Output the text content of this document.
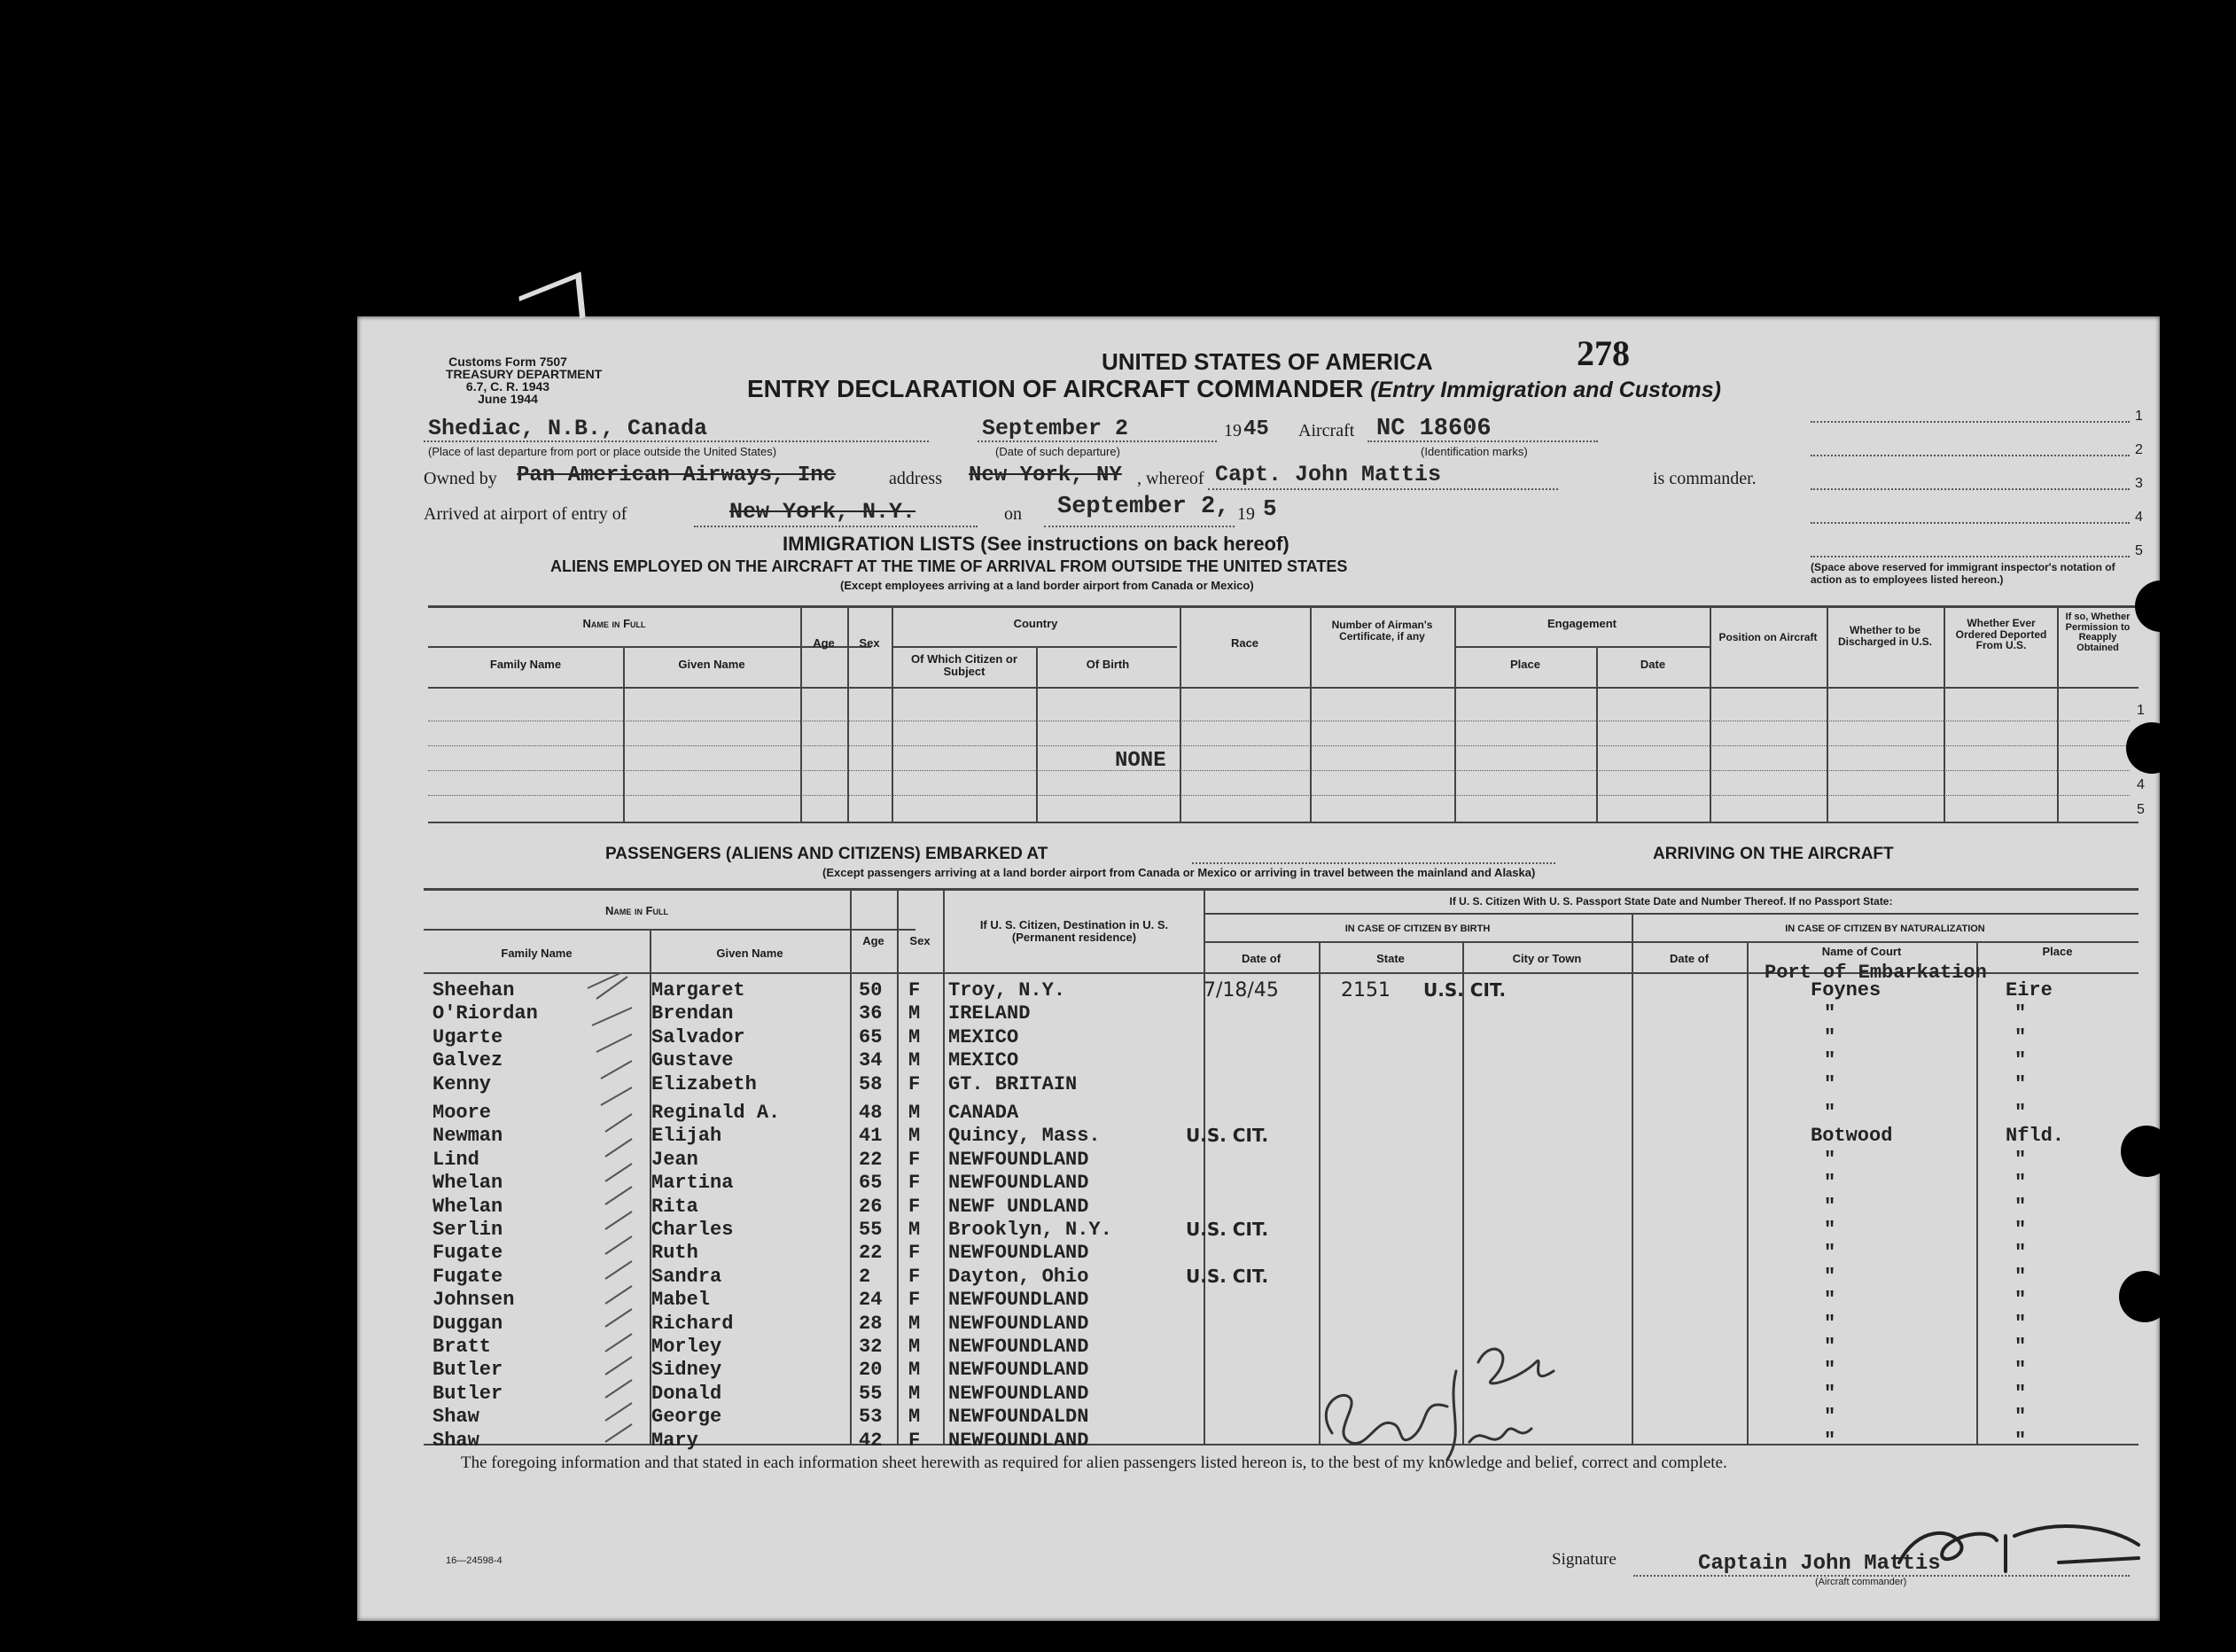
Customs Form 7507
TREASURY DEPARTMENT
6.7, C. R. 1943
June 1944
UNITED STATES OF AMERICA	278
ENTRY DECLARATION OF AIRCRAFT COMMANDER (Entry Immigration and Customs)
Shediac, N.B., Canada
(Place of last departure from port or place outside the United States)
September 2
(Date of such departure)
19 45 Aircraft NC 18606
(Identification marks)
Owned by Pan American Airways, Inc	address New York, NY , whereof Capt. John Mattis	is commander.
Arrived at airport of entry of	New York, N.Y.	on September 2, 19 5
1
2
3
4
5
(Space above reserved for immigrant inspector's notation of action as to employees listed hereon.)
IMMIGRATION LISTS (See instructions on back hereof)
ALIENS EMPLOYED ON THE AIRCRAFT AT THE TIME OF ARRIVAL FROM OUTSIDE THE UNITED STATES
(Except employees arriving at a land border airport from Canada or Mexico)
Name in Full
Family Name	Given Name
Age	Sex
Country
Of Which Citizen or Subject
Of Birth
Race
Number of Airman's Certificate, if any
Engagement
Place	Date
Position on Aircraft
Whether to be Discharged in U.S.
Whether Ever Ordered Deported From U.S.
If so, Whether Permission to Reapply Obtained
1
4
5
NONE
PASSENGERS (ALIENS AND CITIZENS) EMBARKED AT	ARRIVING ON THE AIRCRAFT
(Except passengers arriving at a land border airport from Canada or Mexico or arriving in travel between the mainland and Alaska)
Name in Full
Family Name	Given Name
Age	Sex
If U. S. Citizen, Destination in U. S. (Permanent residence)
If U. S. Citizen With U. S. Passport State Date and Number Thereof. If no Passport State:
IN CASE OF CITIZEN BY BIRTH	IN CASE OF CITIZEN BY NATURALIZATION
Date of	State	City or Town	Date of
Name of Court	Place
Port of Embarkation
Sheehan	Margaret	50 F Troy, N.Y.	7/18/45	2151 U.S. CIT.	Foynes	Eire
O'Riordan	Brendan	36 M IRELAND	"	"
Ugarte	Salvador	65 M MEXICO	"	"
Galvez	Gustave	34 M MEXICO	"	"
Kenny	Elizabeth	58 F GT. BRITAIN	"	"
Moore	Reginald A.	48 M CANADA	"	"
Newman	Elijah	41 M Quincy, Mass.	U.S. CIT.	Botwood	Nfld.
Lind	Jean	22 F NEWFOUNDLAND	"	"
Whelan	Martina	65 F NEWFOUNDLAND	"	"
Whelan	Rita	26 F NEWF UNDLAND	"	"
Serlin	Charles	55 M Brooklyn, N.Y.	U.S. CIT.	"	"
Fugate	Ruth	22 F NEWFOUNDLAND	"	"
Fugate	Sandra	2 F Dayton, Ohio	U.S. CIT.	"	"
Johnsen	Mabel	24 F NEWFOUNDLAND	"	"
Duggan	Richard	28 M NEWFOUNDLAND	"	"
Bratt	Morley	32 M NEWFOUNDLAND	"	"
Butler	Sidney	20 M NEWFOUNDLAND	"	"
Butler	Donald	55 M NEWFOUNDLAND	"	"
Shaw	George	53 M NEWFOUNDALDN	"	"
Shaw	Mary	42 F NEWFOUNDLAND	"	"
The foregoing information and that stated in each information sheet herewith as required for alien passengers listed hereon is, to the best of my knowledge and belief, correct and complete.
16—24598-4	Signature	Captain John Mattis
(Aircraft commander)
